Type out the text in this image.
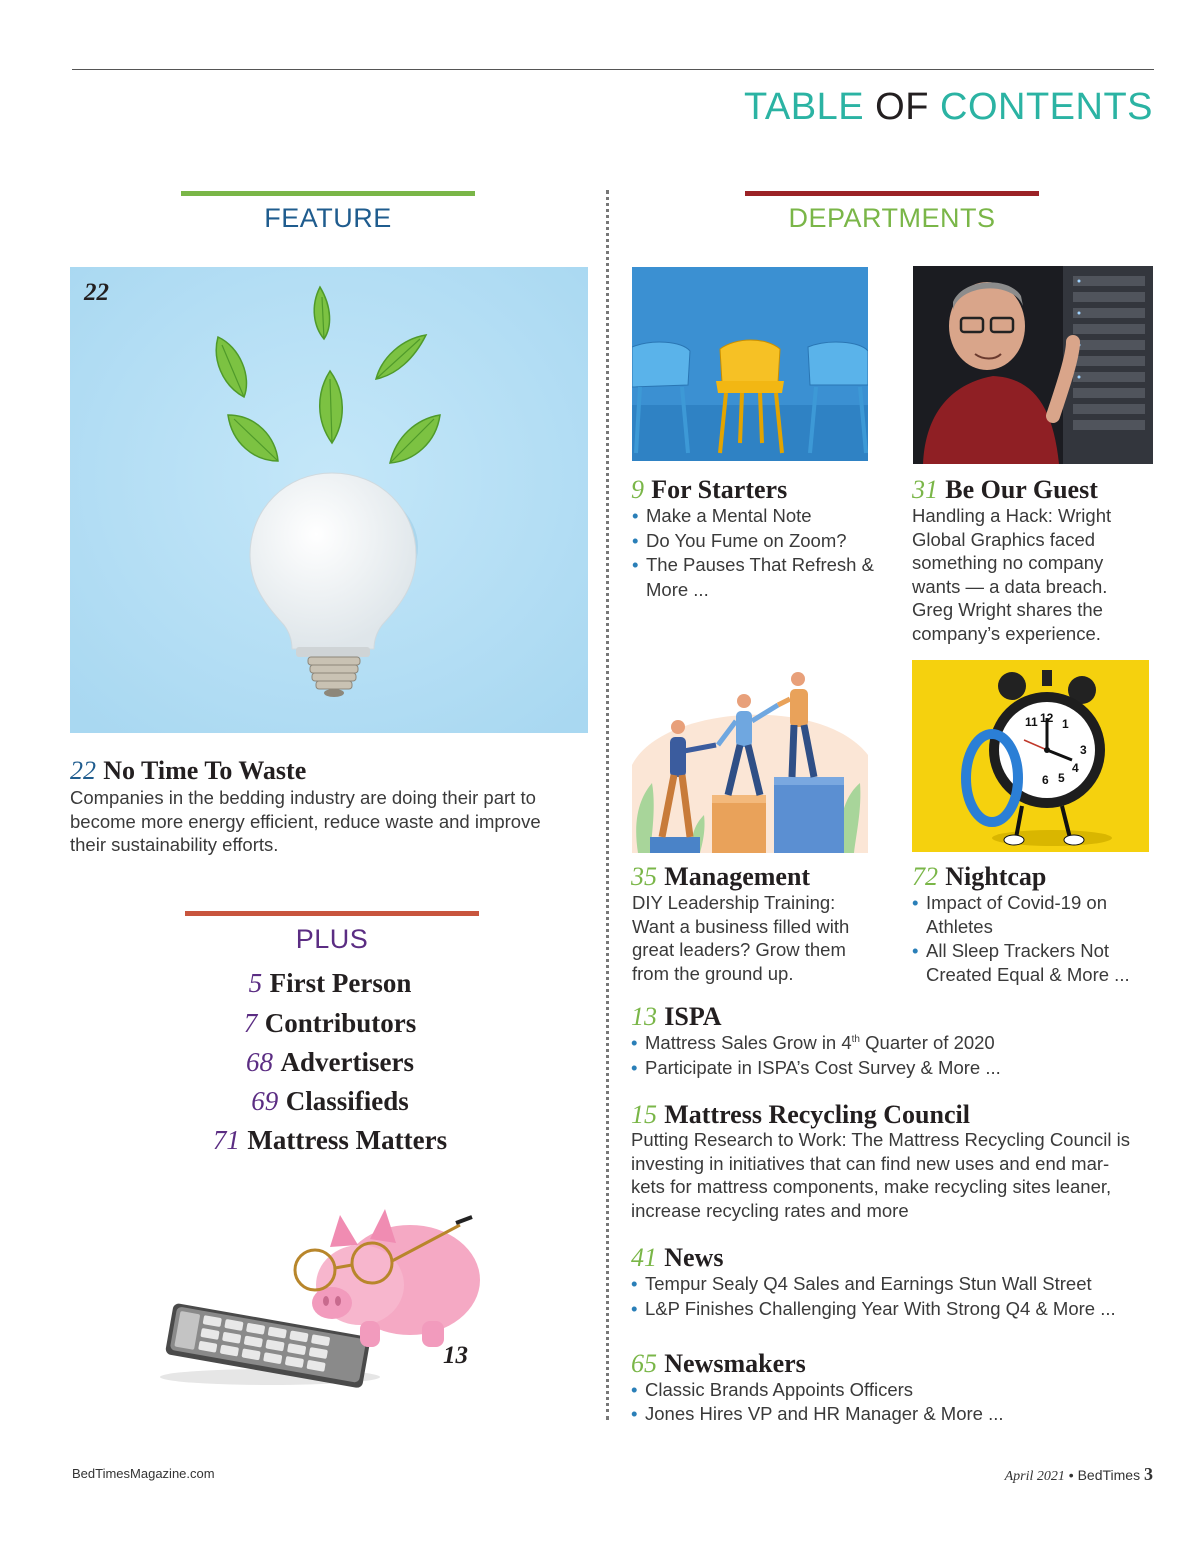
TABLE OF CONTENTS
FEATURE	DEPARTMENTS
22
22 No Time To Waste
Companies in the bedding industry are doing their part to
become more energy efficient, reduce waste and improve
their sustainability efforts.
PLUS
5 First Person
7 Contributors
68 Advertisers
69 Classifieds
71 Mattress Matters
13
9 For Starters
• Make a Mental Note
• Do You Fume on Zoom?
• The Pauses That Refresh &
More ...
31 Be Our Guest
Handling a Hack: Wright
Global Graphics faced
something no company
wants — a data breach.
Greg Wright shares the
company’s experience.
11 12 1
3
4
5
6
35 Management
DIY Leadership Training:
Want a business filled with
great leaders? Grow them
from the ground up.
72 Nightcap
• Impact of Covid-19 on
Athletes
• All Sleep Trackers Not
Created Equal & More ...
13 ISPA
• Mattress Sales Grow in 4th Quarter of 2020
• Participate in ISPA’s Cost Survey & More ...
15 Mattress Recycling Council
Putting Research to Work: The Mattress Recycling Council is
investing in initiatives that can find new uses and end mar-
kets for mattress components, make recycling sites leaner,
increase recycling rates and more
41 News
• Tempur Sealy Q4 Sales and Earnings Stun Wall Street
• L&P Finishes Challenging Year With Strong Q4 & More ...
65 Newsmakers
• Classic Brands Appoints Officers
• Jones Hires VP and HR Manager & More ...
BedTimesMagazine.com	April 2021 • BedTimes 3
